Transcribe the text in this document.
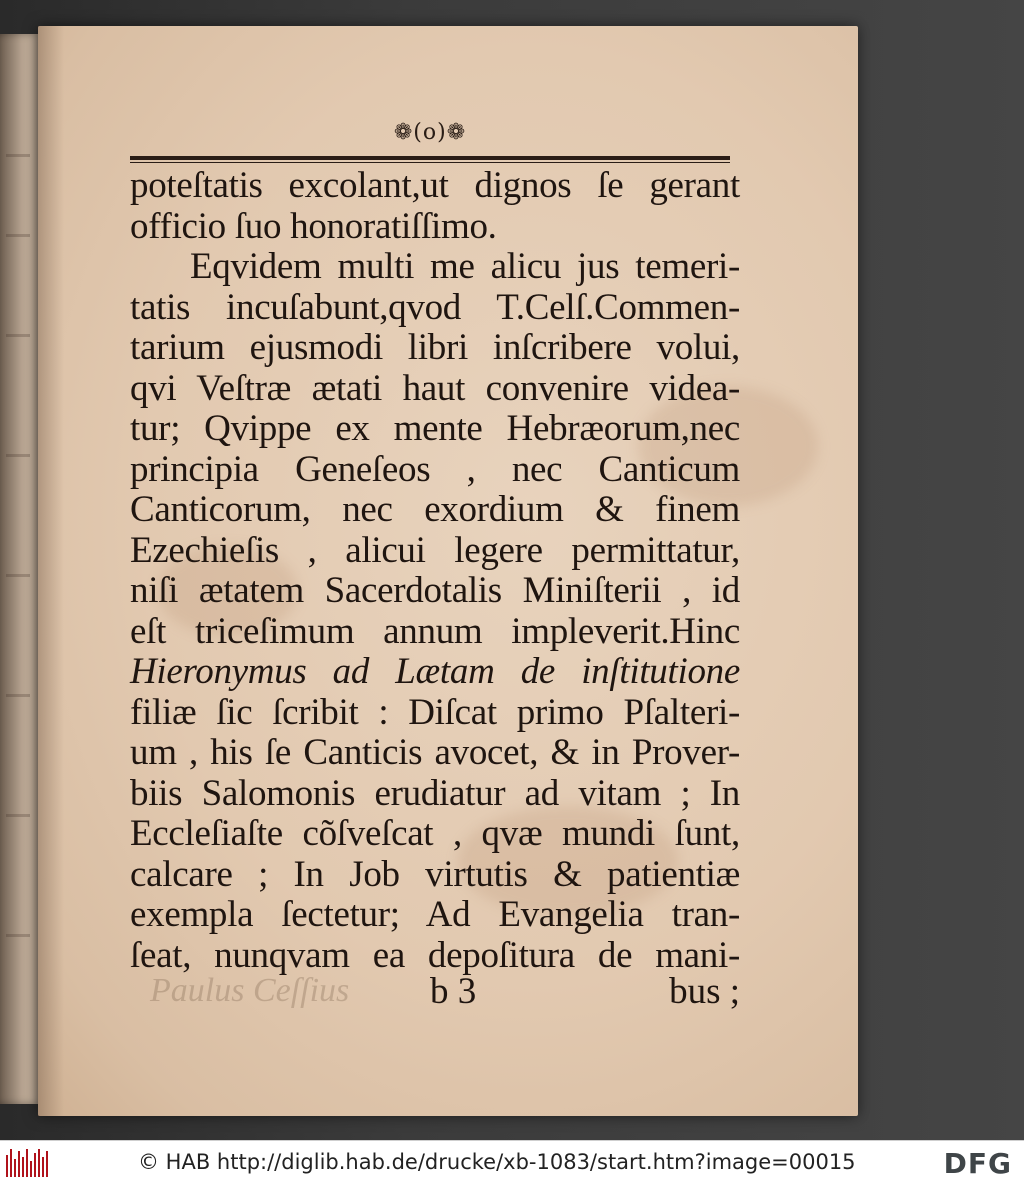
❁(o)❁
poteſtatis excolant,ut dignos ſe gerant
officio ſuo honoratiſſimo.
Eqvidem multi me alicu jus temeri-
tatis incuſabunt,qvod T.Celſ.Commen-
tarium ejusmodi libri inſcribere volui,
qvi Veſtræ ætati haut convenire videa-
tur; Qvippe ex mente Hebræorum,nec
principia Geneſeos , nec Canticum
Canticorum, nec exordium & finem
Ezechieſis , alicui legere permittatur,
niſi ætatem Sacerdotalis Miniſterii , id
eſt triceſimum annum impleverit.Hinc
Hieronymus ad Lætam de inſtitutione
filiæ ſic ſcribit : Diſcat primo Pſalteri-
um , his ſe Canticis avocet, & in Prover-
biis Salomonis erudiatur ad vitam ; In
Eccleſiaſte cõſveſcat , qvæ mundi ſunt,
calcare ; In Job virtutis & patientiæ
exempla ſectetur; Ad Evangelia tran-
ſeat, nunqvam ea depoſitura de mani-
Paulus Ceſſius b 3	bus ;
© HAB http://diglib.hab.de/drucke/xb-1083/start.htm?image=00015	DFG
